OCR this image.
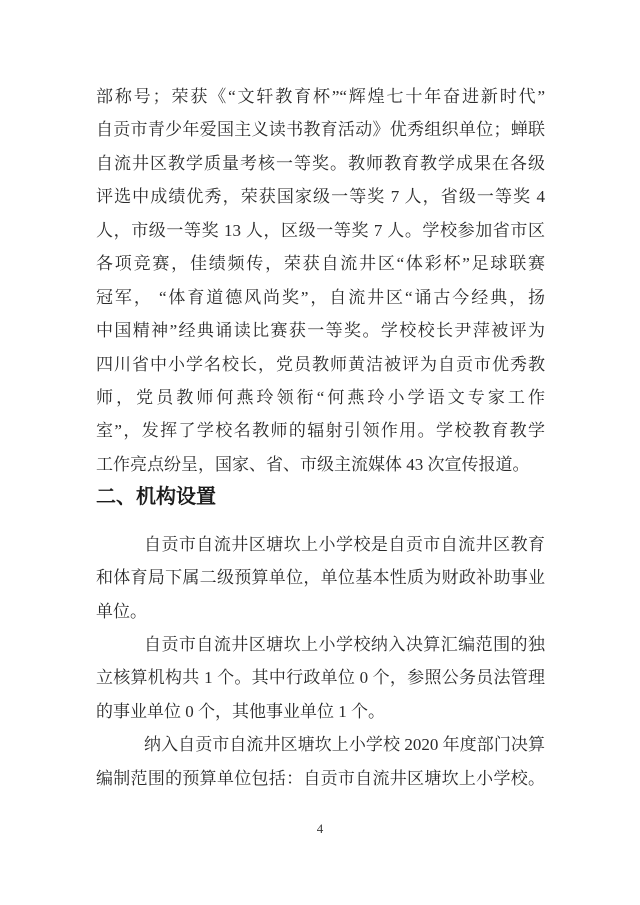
部称号；荣获《“文轩教育杯”“辉煌七十年奋进新时代”
自贡市青少年爱国主义读书教育活动》优秀组织单位；蝉联
自流井区教学质量考核一等奖。教师教育教学成果在各级
评选中成绩优秀，荣获国家级一等奖 7 人，省级一等奖 4
人，市级一等奖 13 人，区级一等奖 7 人。学校参加省市区
各项竞赛，佳绩频传，荣获自流井区“体彩杯”足球联赛
冠军， “体育道德风尚奖”，自流井区“诵古今经典，扬
中国精神”经典诵读比赛获一等奖。学校校长尹萍被评为
四川省中小学名校长，党员教师黄洁被评为自贡市优秀教
师，党员教师何燕玲领衔“何燕玲小学语文专家工作
室”，发挥了学校名教师的辐射引领作用。学校教育教学
工作亮点纷呈，国家、省、市级主流媒体 43 次宣传报道。
二、机构设置
自贡市自流井区塘坎上小学校是自贡市自流井区教育
和体育局下属二级预算单位，单位基本性质为财政补助事业
单位。
自贡市自流井区塘坎上小学校纳入决算汇编范围的独
立核算机构共 1 个。其中行政单位 0 个，参照公务员法管理
的事业单位 0 个，其他事业单位 1 个。
纳入自贡市自流井区塘坎上小学校 2020 年度部门决算
编制范围的预算单位包括：自贡市自流井区塘坎上小学校。
4
